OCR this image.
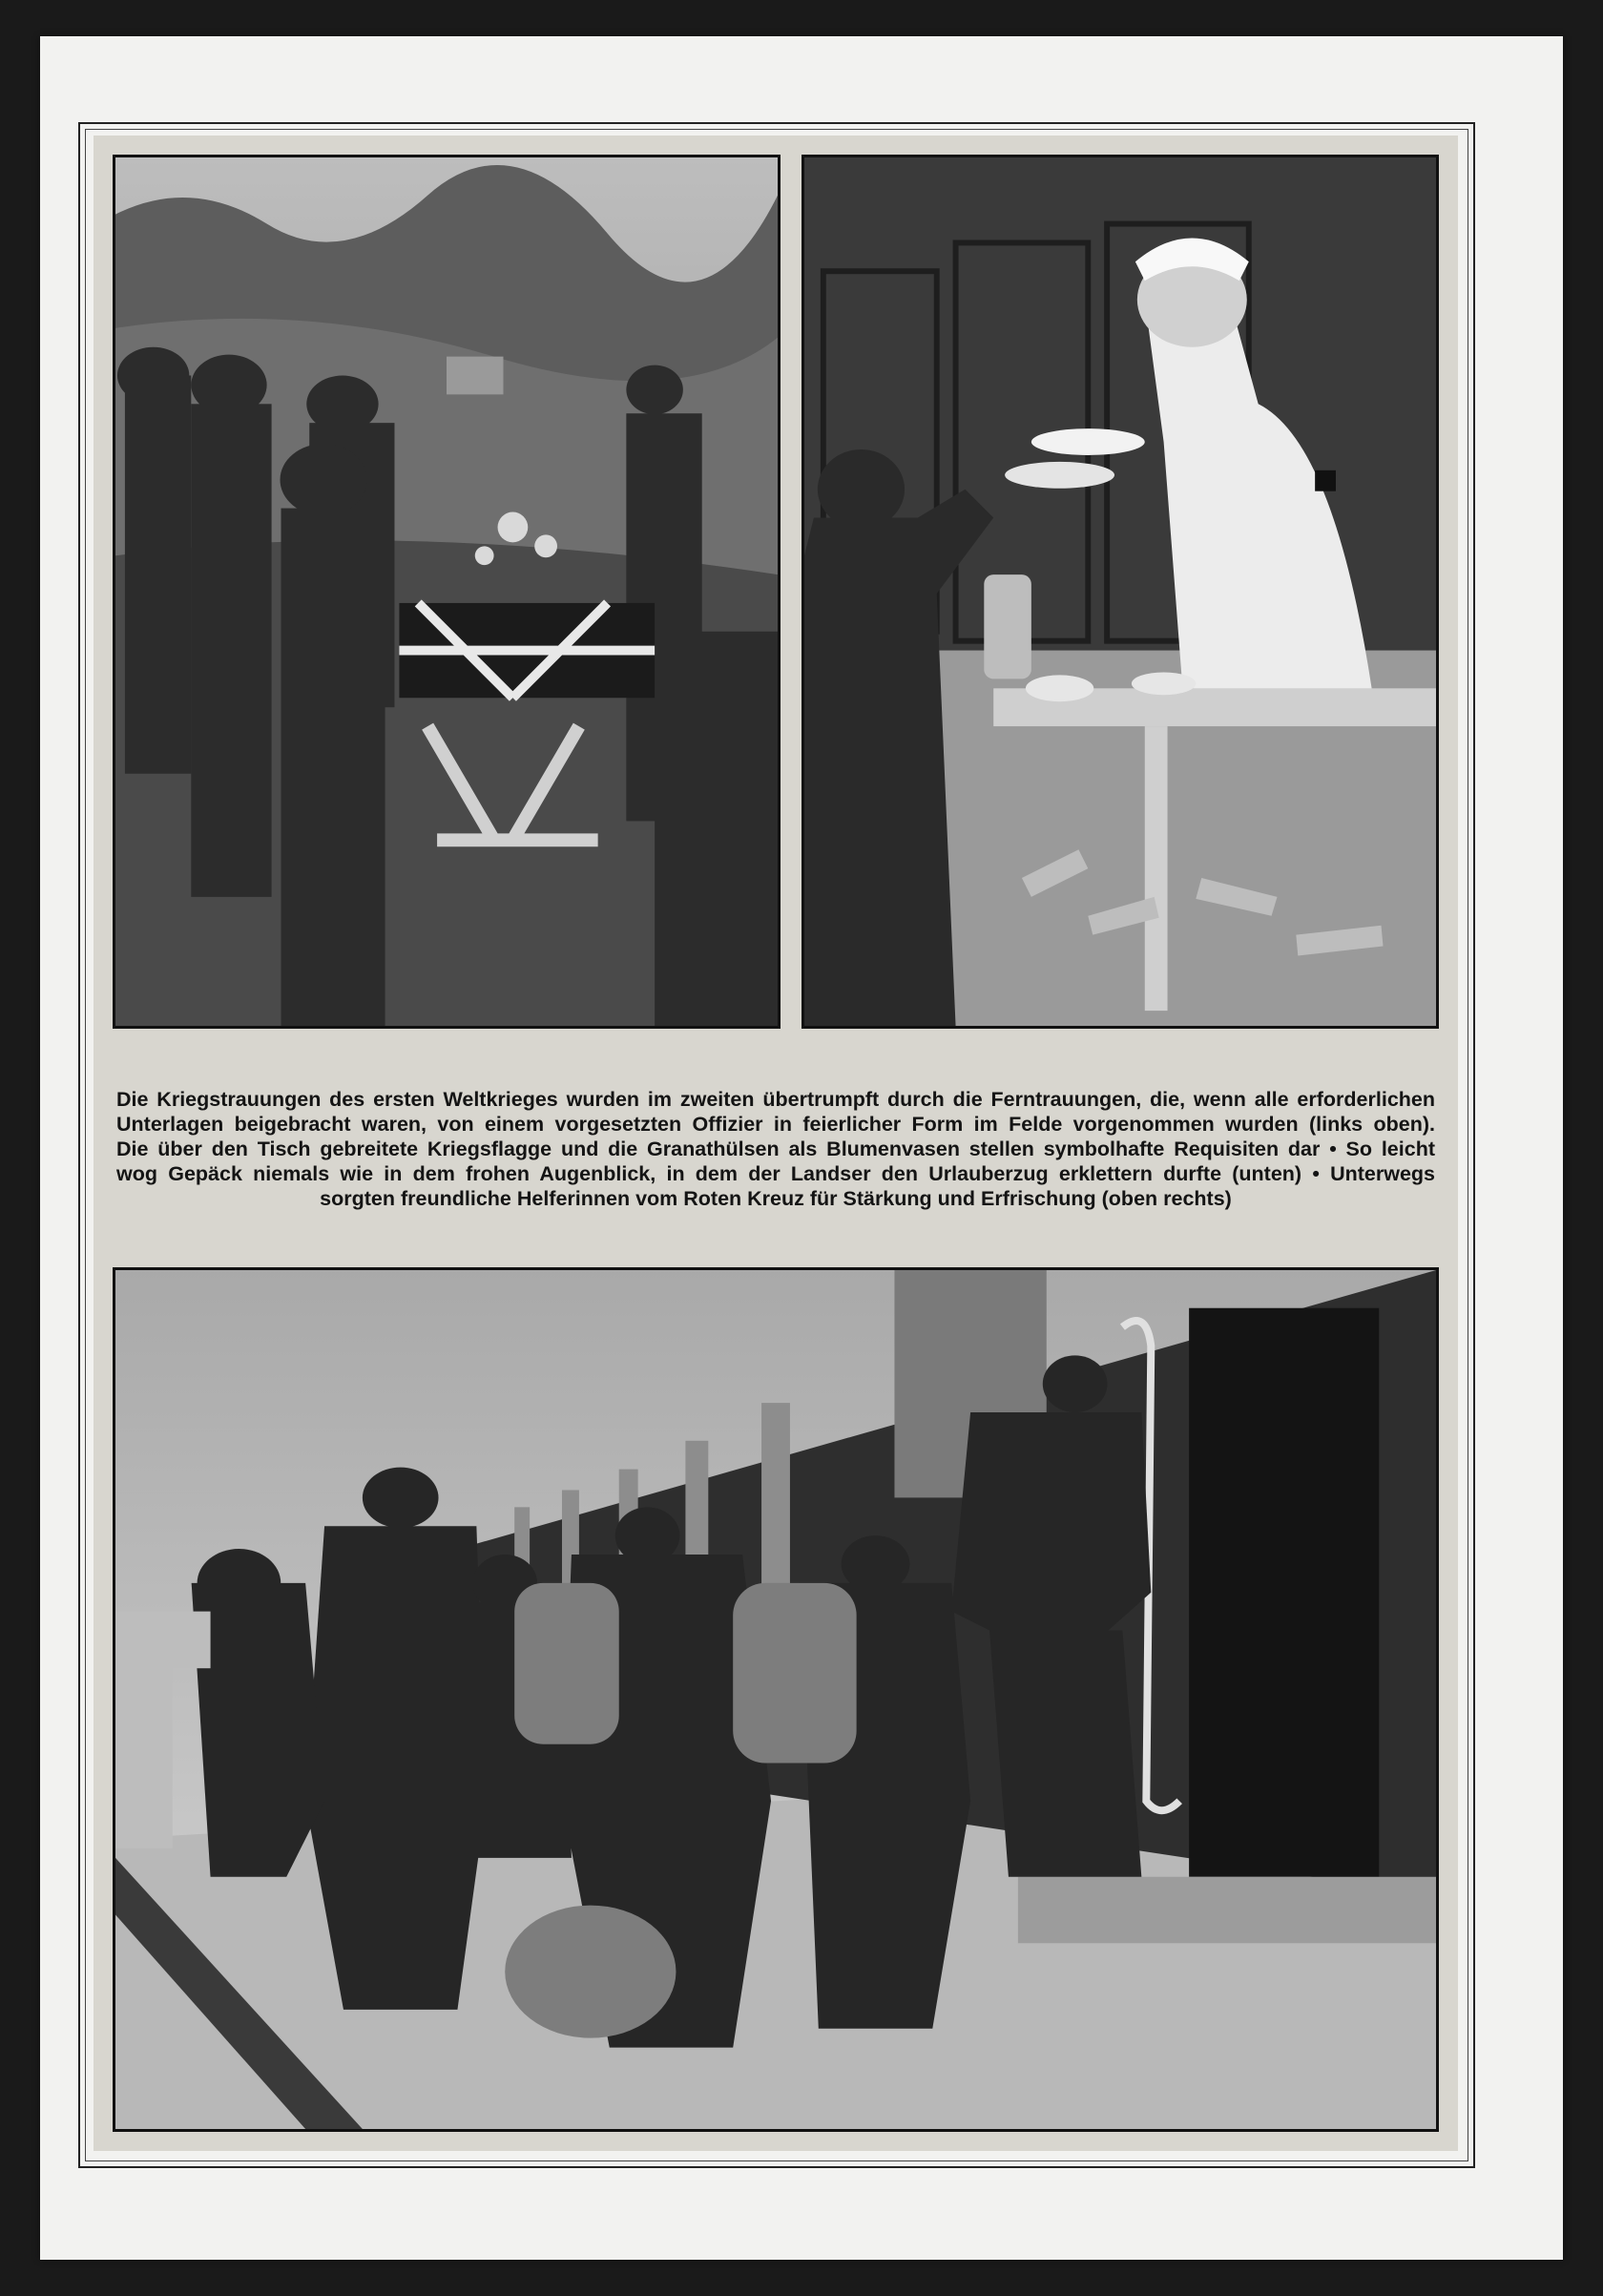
Die Kriegstrauungen des ersten Weltkrieges wurden im zweiten übertrumpft durch die Ferntrauungen, die, wenn alle erforderlichen
Unterlagen beigebracht waren, von einem vorgesetzten Offizier in feierlicher Form im Felde vorgenommen wurden (links oben).
Die über den Tisch gebreitete Kriegsflagge und die Granathülsen als Blumenvasen stellen symbolhafte Requisiten dar • So leicht
wog Gepäck niemals wie in dem frohen Augenblick, in dem der Landser den Urlauberzug erklettern durfte (unten) • Unterwegs
sorgten freundliche Helferinnen vom Roten Kreuz für Stärkung und Erfrischung (oben rechts)
